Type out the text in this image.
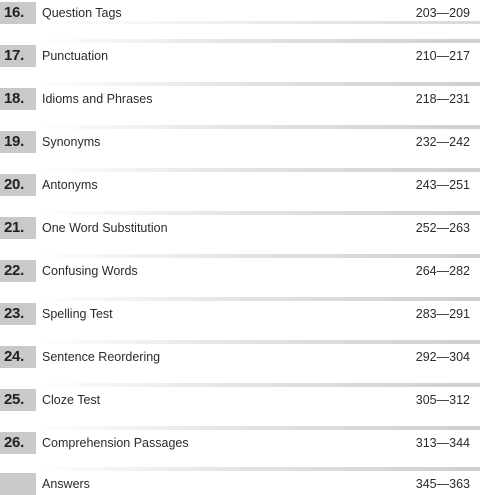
16. Question Tags	203—209
17. Punctuation	210—217
18. Idioms and Phrases	218—231
19. Synonyms	232—242
20. Antonyms	243—251
21. One Word Substitution	252—263
22. Confusing Words	264—282
23. Spelling Test	283—291
24. Sentence Reordering	292—304
25. Cloze Test	305—312
26. Comprehension Passages	313—344
Answers	345—363
